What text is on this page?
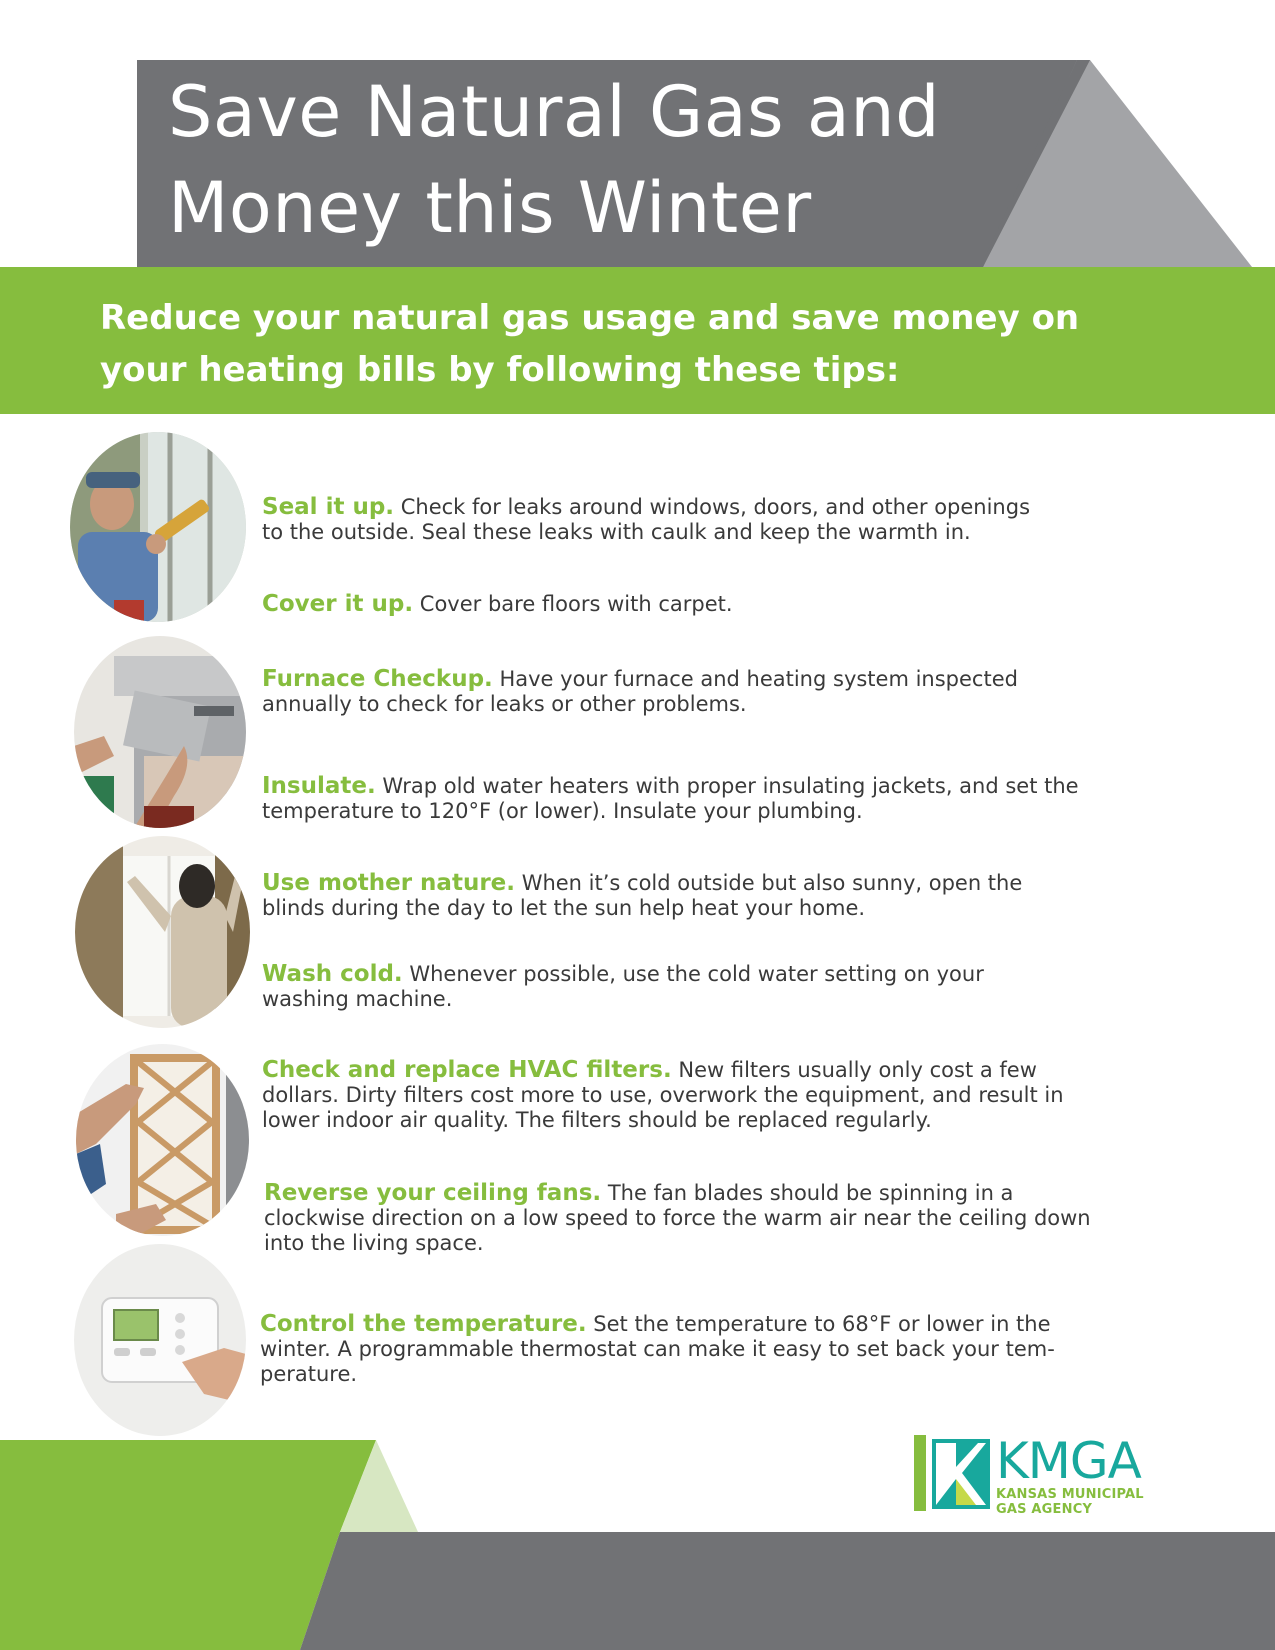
Save Natural Gas and
Money this Winter
Reduce your natural gas usage and save money on
your heating bills by following these tips:
Seal it up. Check for leaks around windows, doors, and other openings
to the outside. Seal these leaks with caulk and keep the warmth in.
Cover it up. Cover bare floors with carpet.
Furnace Checkup. Have your furnace and heating system inspected
annually to check for leaks or other problems.
Insulate. Wrap old water heaters with proper insulating jackets, and set the
temperature to 120°F (or lower). Insulate your plumbing.
Use mother nature. When it’s cold outside but also sunny, open the
blinds during the day to let the sun help heat your home.
Wash cold. Whenever possible, use the cold water setting on your
washing machine.
Check and replace HVAC filters. New filters usually only cost a few
dollars. Dirty filters cost more to use, overwork the equipment, and result in
lower indoor air quality. The filters should be replaced regularly.
Reverse your ceiling fans. The fan blades should be spinning in a
clockwise direction on a low speed to force the warm air near the ceiling down
into the living space.
Control the temperature. Set the temperature to 68°F or lower in the
winter. A programmable thermostat can make it easy to set back your tem-
perature.
KMGA
KANSAS MUNICIPAL
GAS AGENCY
